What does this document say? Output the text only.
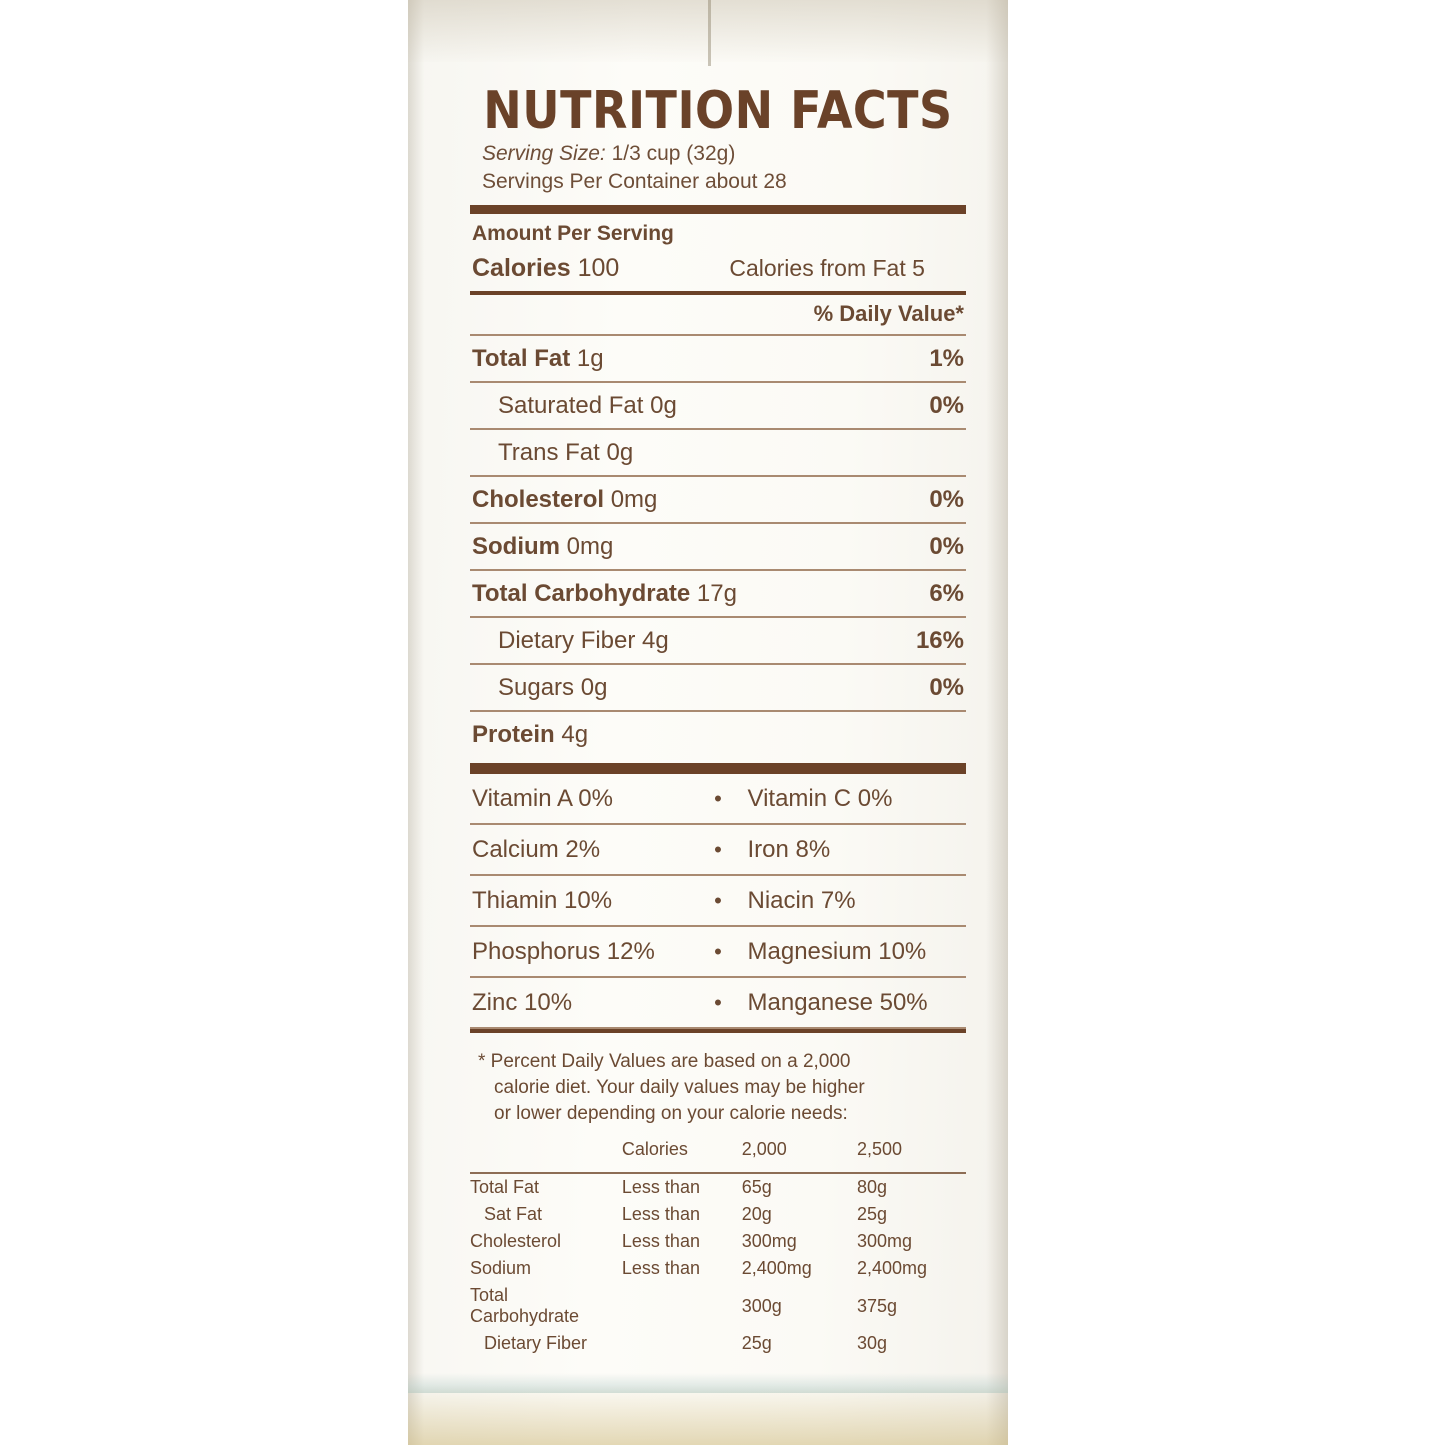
NUTRITION FACTS
Serving Size: 1/3 cup (32g)
Servings Per Container about 28
Amount Per Serving
Calories 100	Calories from Fat 5
% Daily Value*
Total Fat 1g	1%
Saturated Fat 0g	0%
Trans Fat 0g
Cholesterol 0mg	0%
Sodium 0mg	0%
Total Carbohydrate 17g	6%
Dietary Fiber 4g	16%
Sugars 0g	0%
Protein 4g
Vitamin A 0%	•	Vitamin C 0%
Calcium 2%	•	Iron 8%
Thiamin 10%	•	Niacin 7%
Phosphorus 12%	•	Magnesium 10%
Zinc 10%	•	Manganese 50%
* Percent Daily Values are based on a 2,000
calorie diet. Your daily values may be higher
or lower depending on your calorie needs:
	Calories	2,000	2,500

Total Fat	Less than	65g	80g
Sat Fat	Less than	20g	25g
Cholesterol	Less than	300mg	300mg
Sodium	Less than	2,400mg	2,400mg
Total Carbohydrate		300g	375g
Dietary Fiber		25g	30g
